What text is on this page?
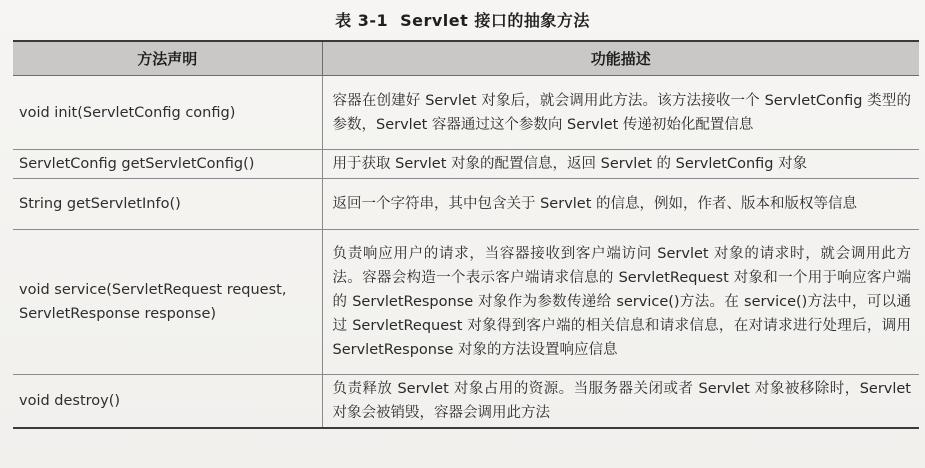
表 3-1 Servlet 接口的抽象方法
方法声明	功能描述
void init(ServletConfig config)	容器在创建好 Servlet 对象后，就会调用此方法。该方法接收一个 ServletConfig 类型的参数，Servlet 容器通过这个参数向 Servlet 传递初始化配置信息
ServletConfig getServletConfig()	用于获取 Servlet 对象的配置信息，返回 Servlet 的 ServletConfig 对象
String getServletInfo()	返回一个字符串，其中包含关于 Servlet 的信息，例如，作者、版本和版权等信息
void service(ServletRequest request, ServletResponse response)	负责响应用户的请求，当容器接收到客户端访问 Servlet 对象的请求时，就会调用此方法。容器会构造一个表示客户端请求信息的 ServletRequest 对象和一个用于响应客户端的 ServletResponse 对象作为参数传递给 service()方法。在 service()方法中，可以通过 ServletRequest 对象得到客户端的相关信息和请求信息，在对请求进行处理后，调用 ServletResponse 对象的方法设置响应信息
void destroy()	负责释放 Servlet 对象占用的资源。当服务器关闭或者 Servlet 对象被移除时，Servlet 对象会被销毁，容器会调用此方法
